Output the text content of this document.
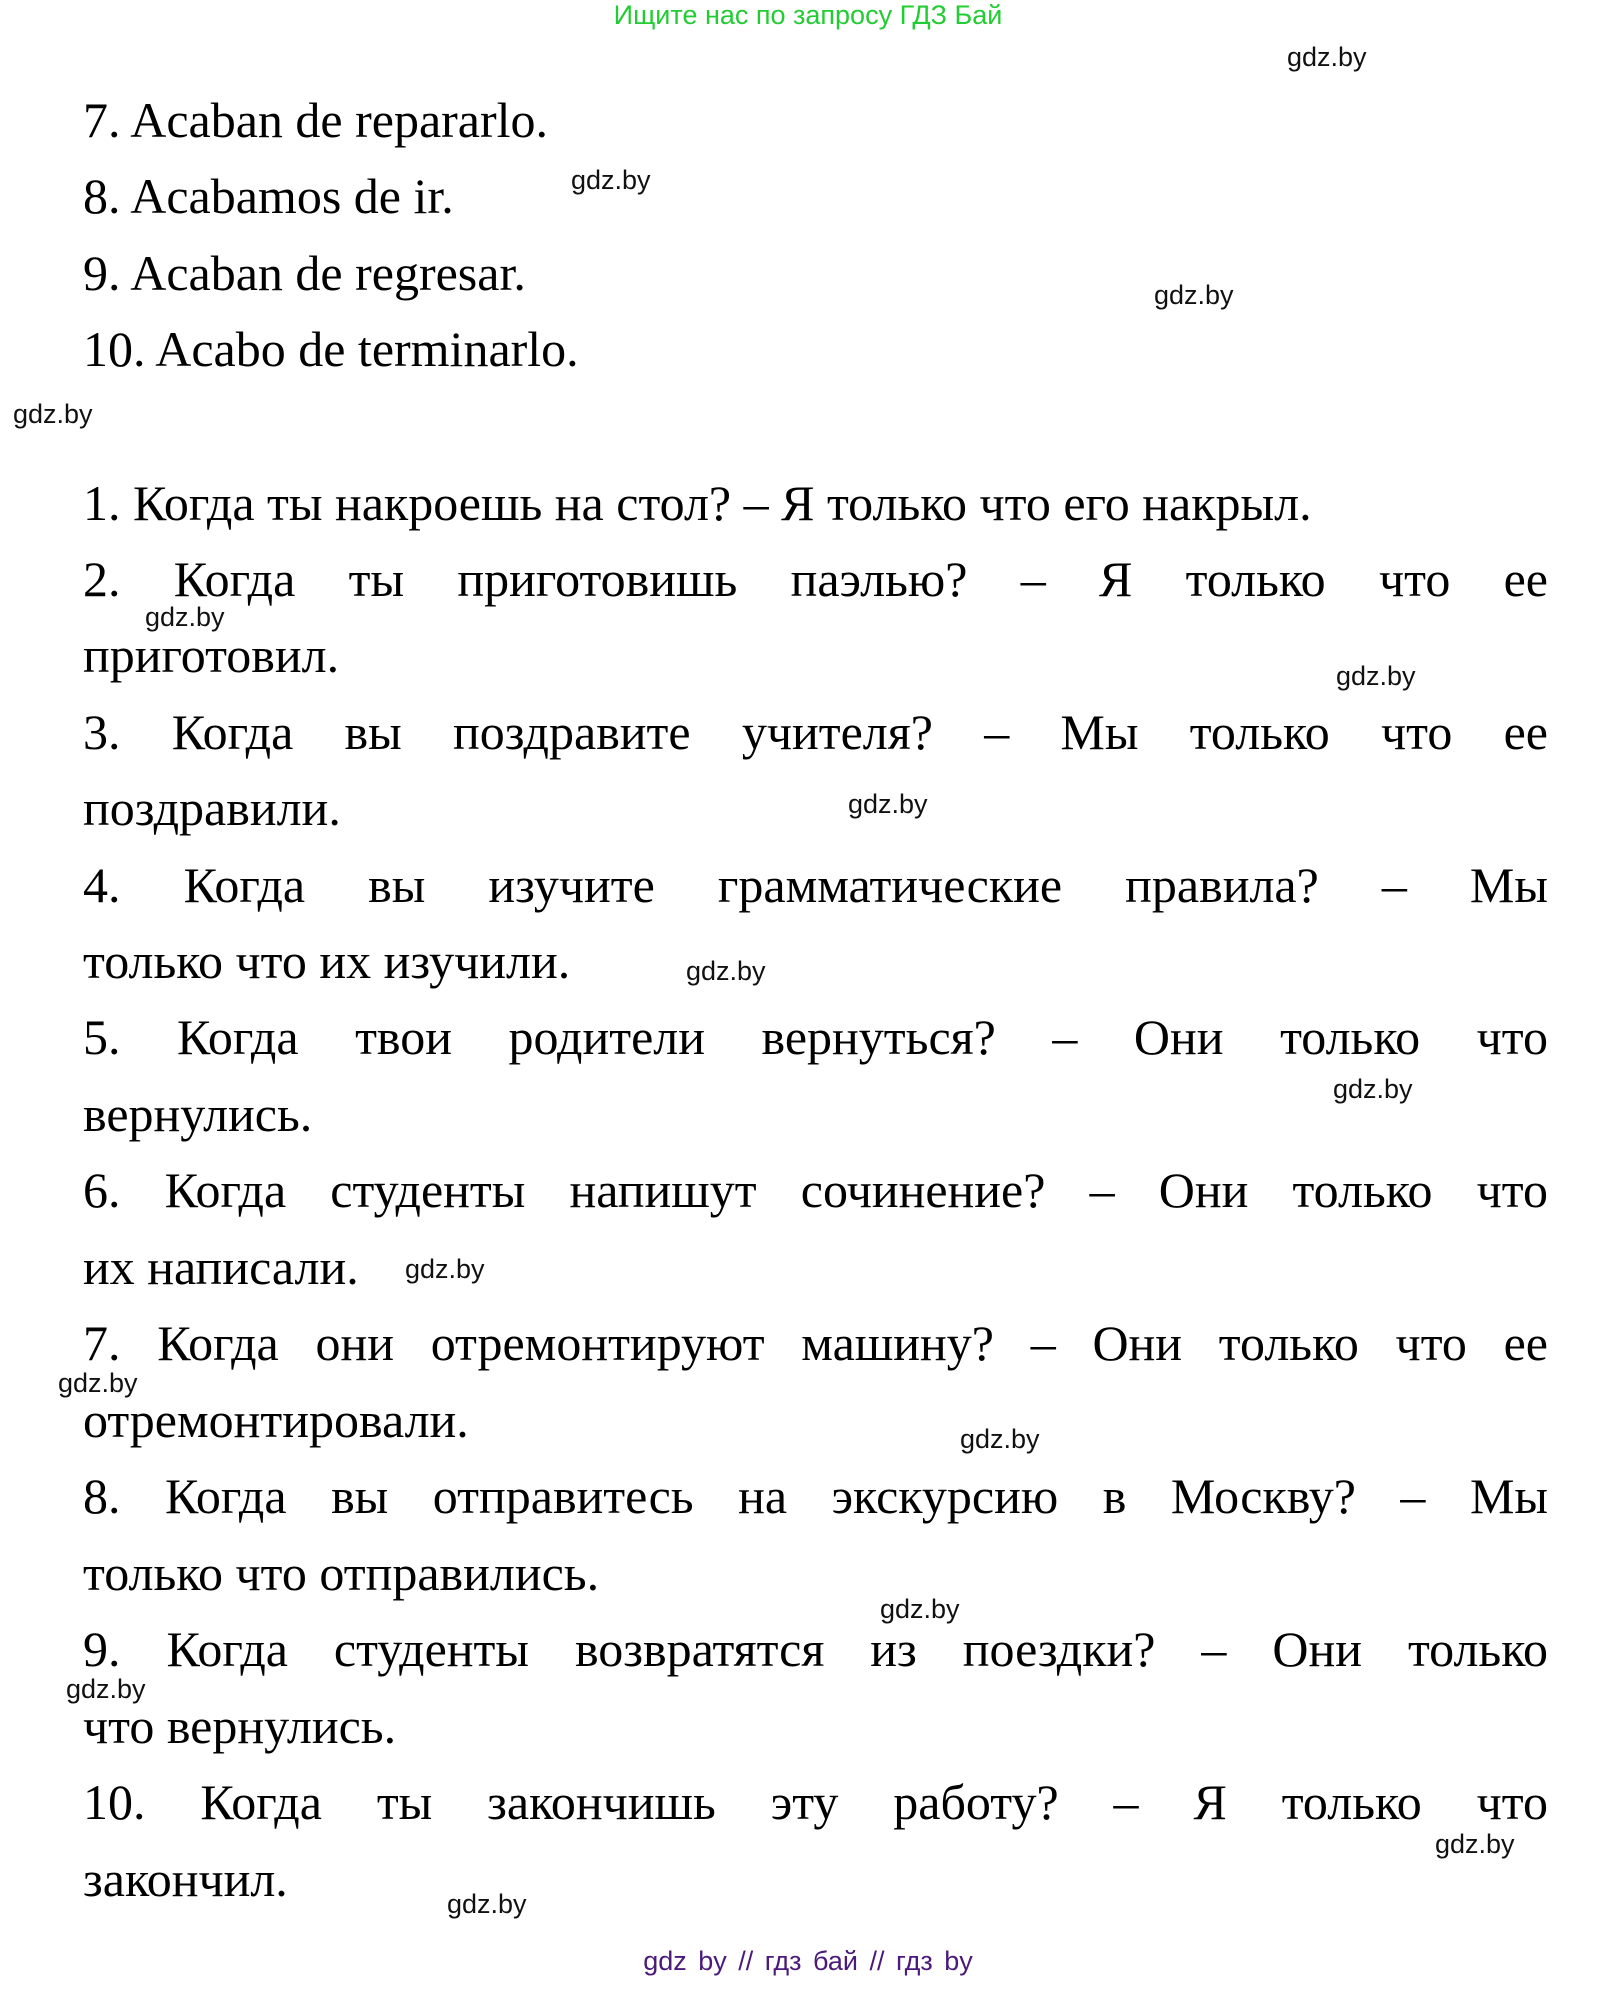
Ищите нас по запросу ГДЗ Бай
7. Acaban de repararlo.
8. Acabamos de ir.
9. Acaban de regresar.
10. Acabo de terminarlo.
1. Когда ты накроешь на стол? – Я только что его накрыл.
2. Когда ты приготовишь паэлью? – Я только что ее
приготовил.
3. Когда вы поздравите учителя? – Мы только что ее
поздравили.
4. Когда вы изучите грамматические правила? – Мы
только что их изучили.
5. Когда твои родители вернуться? – Они только что
вернулись.
6. Когда студенты напишут сочинение? – Они только что
их написали.
7. Когда они отремонтируют машину? – Они только что ее
отремонтировали.
8. Когда вы отправитесь на экскурсию в Москву? – Мы
только что отправились.
9. Когда студенты возвратятся из поездки? – Они только
что вернулись.
10. Когда ты закончишь эту работу? – Я только что
закончил.
gdz.by
gdz.by
gdz.by
gdz.by
gdz.by
gdz.by
gdz.by
gdz.by
gdz.by
gdz.by
gdz.by
gdz.by
gdz.by
gdz.by
gdz.by
gdz.by
gdz by // гдз бай // гдз by
